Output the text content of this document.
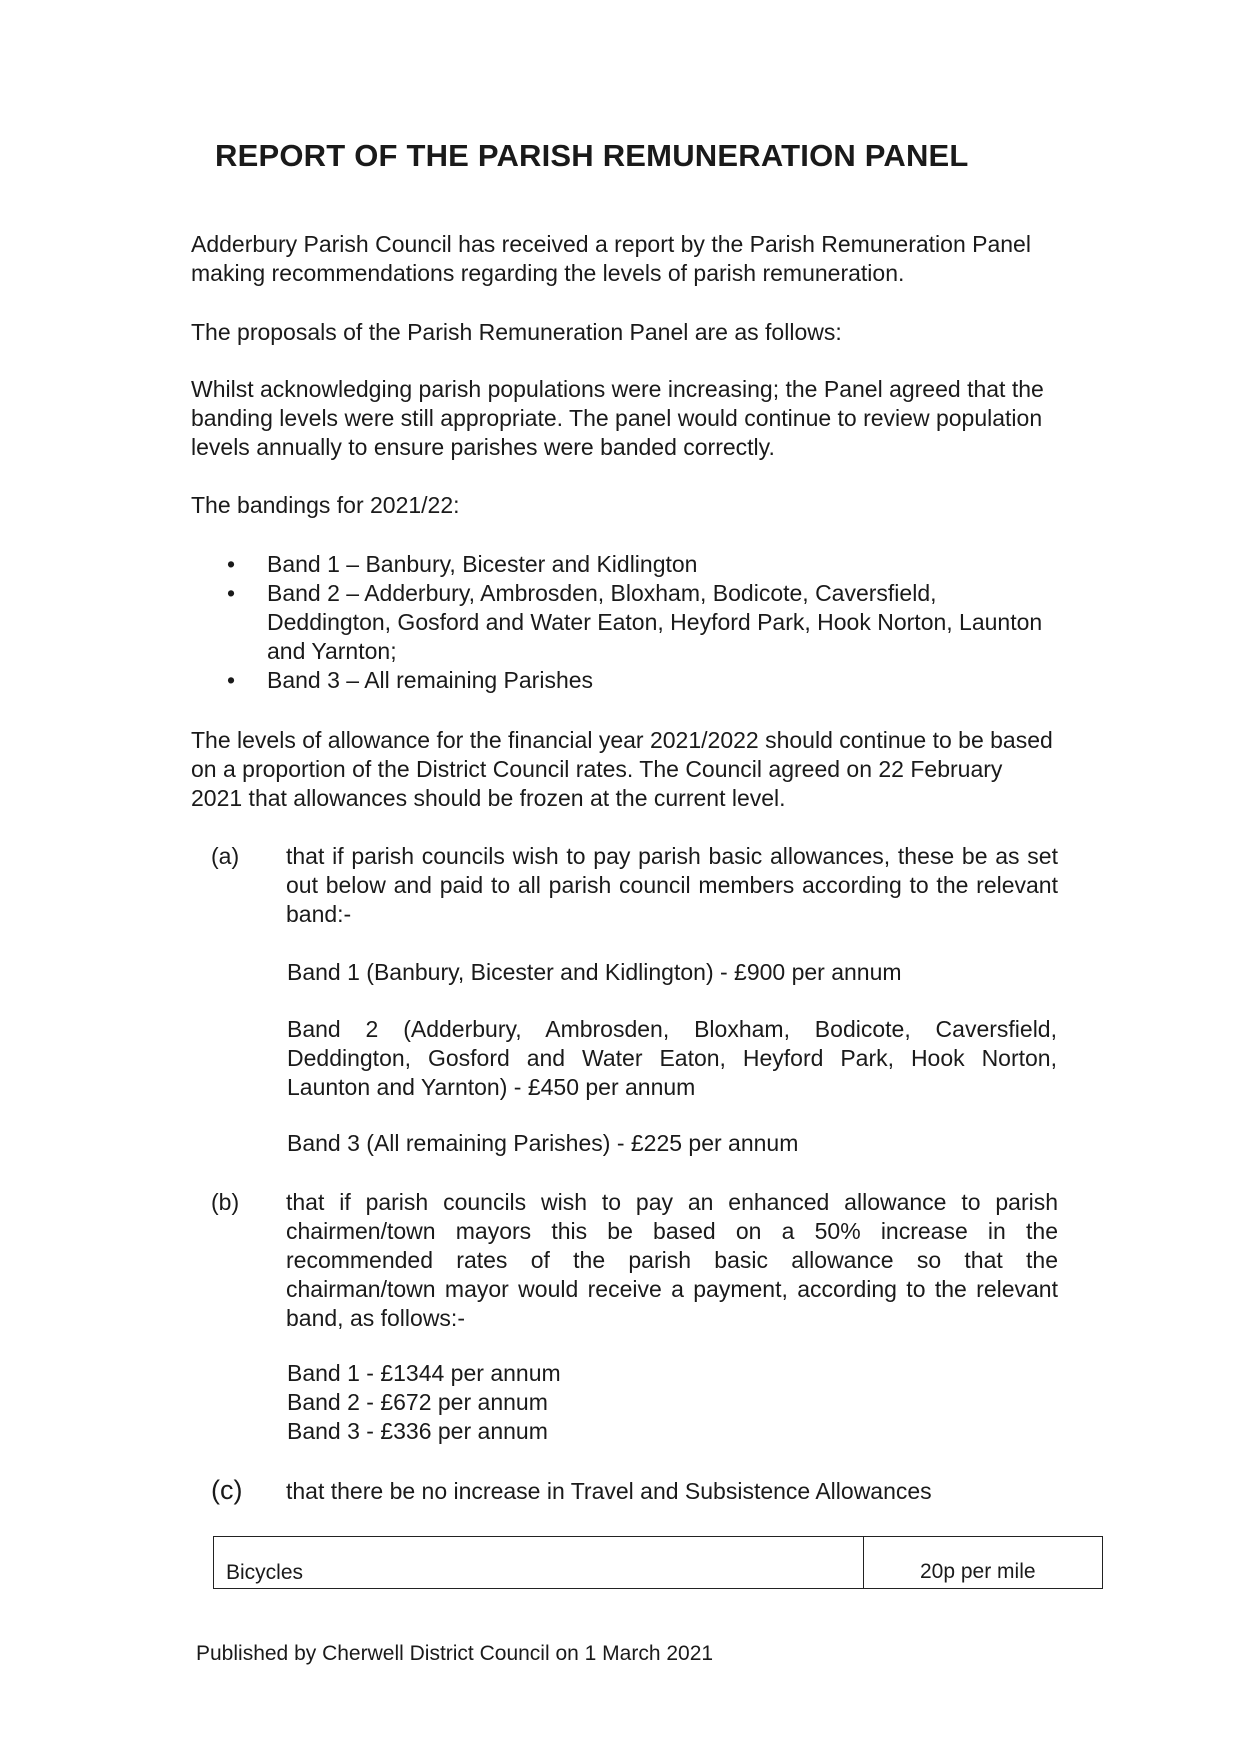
REPORT OF THE PARISH REMUNERATION PANEL
Adderbury Parish Council has received a report by the Parish Remuneration Panel making recommendations regarding the levels of parish remuneration.
The proposals of the Parish Remuneration Panel are as follows:
Whilst acknowledging parish populations were increasing; the Panel agreed that the banding levels were still appropriate. The panel would continue to review population levels annually to ensure parishes were banded correctly.
The bandings for 2021/22:
• Band 1 – Banbury, Bicester and Kidlington
• Band 2 – Adderbury, Ambrosden, Bloxham, Bodicote, Caversfield, Deddington, Gosford and Water Eaton, Heyford Park, Hook Norton, Launton and Yarnton;
• Band 3 – All remaining Parishes
The levels of allowance for the financial year 2021/2022 should continue to be based on a proportion of the District Council rates. The Council agreed on 22 February 2021 that allowances should be frozen at the current level.
(a) that if parish councils wish to pay parish basic allowances, these be as set out below and paid to all parish council members according to the relevant band:-
Band 1 (Banbury, Bicester and Kidlington) - £900 per annum
Band 2 (Adderbury, Ambrosden, Bloxham, Bodicote, Caversfield, Deddington, Gosford and Water Eaton, Heyford Park, Hook Norton, Launton and Yarnton) - £450 per annum
Band 3 (All remaining Parishes) - £225 per annum
(b) that if parish councils wish to pay an enhanced allowance to parish chairmen/town mayors this be based on a 50% increase in the recommended rates of the parish basic allowance so that the chairman/town mayor would receive a payment, according to the relevant band, as follows:-
Band 1 - £1344 per annum
Band 2 - £672 per annum
Band 3 - £336 per annum
(c) that there be no increase in Travel and Subsistence Allowances
Bicycles	20p per mile
Published by Cherwell District Council on 1 March 2021
